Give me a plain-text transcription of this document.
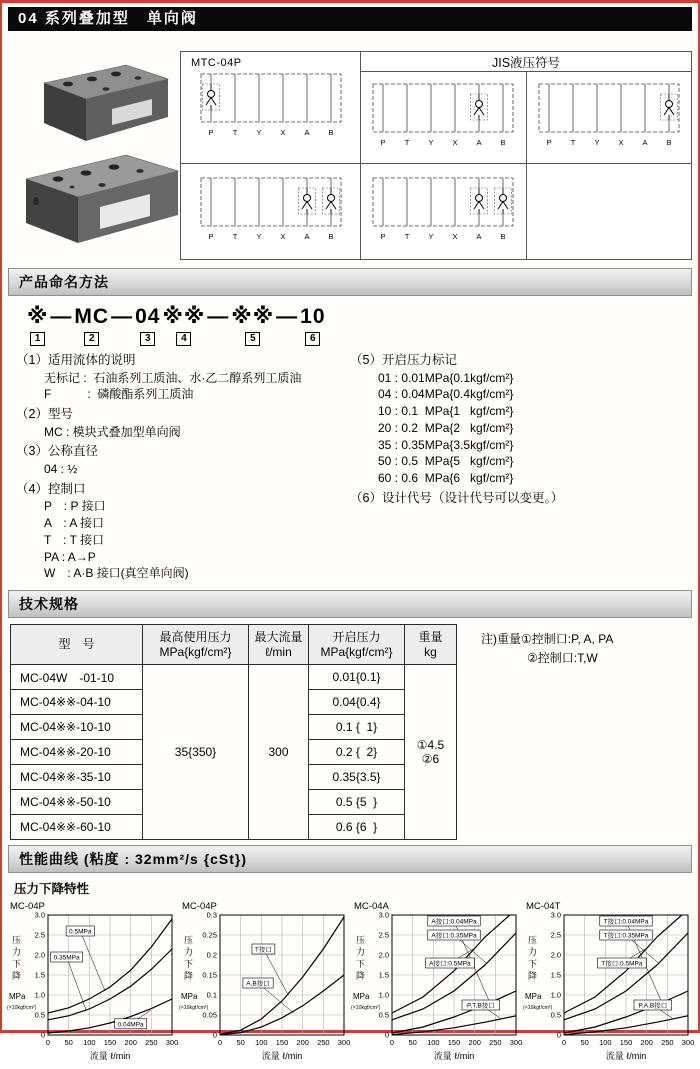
04 系列叠加型　单向阀
MTC-04P
P	T	Y	X	A	B
	JIS液压符号

P	T	Y	X	A	B	P	T	Y	X	A	B

P	T	Y	X	A	B	P	T	Y	X	A	B

产品命名方法
※
1
— MC
2
— 04
3
※※
4
— ※※
5
— 10
6
（1）适用流体的说明
无标记 :  石油系列工质油、水·乙二醇系列工质油
F　　　:  磷酸酯系列工质油
（2）型号
MC : 模块式叠加型单向阀
（3）公称直径
04 : ½
（4）控制口
P　: P 接口
A　: A 接口
T　: T 接口
PA : A→P
W　: A·B 接口(真空单向阀)
（5）开启压力标记
01 : 0.01MPa{0.1kgf/cm²}
04 : 0.04MPa{0.4kgf/cm²}
10 : 0.1  MPa{1   kgf/cm²}
20 : 0.2  MPa{2   kgf/cm²}
35 : 0.35MPa{3.5kgf/cm²}
50 : 0.5  MPa{5   kgf/cm²}
60 : 0.6  MPa{6   kgf/cm²}
（6）设计代号（设计代号可以变更。）
技术规格
型　号

最高使用压力
MPa{kgf/cm²}

最大流量
ℓ/min

开启压力
MPa{kgf/cm²}

重量
kg

MC-04W　-01-10	35{350}	300	0.01{0.1}	①4.5
②6

MC-04※※-04-10			0.04{0.4}	
MC-04※※-10-10			0.1 {  1}	
MC-04※※-20-10			0.2 {  2}	
MC-04※※-35-10			0.35{3.5}	
MC-04※※-50-10			0.5 {5  }	
MC-04※※-60-10			0.6 {6  }	
注)重量①控制口:P, A, PA
②控制口:T,W
性能曲线 (粘度 : 32mm²/s {cSt})
压力下降特性
MC-04P
0 50 100 150 200 250 300
0
0.5
1.0
1.5
2.0
2.5
3.0
压
力
下
降
MPa
(×10kgf/cm²)
流量 ℓ/min
0.5MPa
0.35MPa
0.04MPa
MC-04P
0 50 100 150 200 250 300
0
0.05
0.1
0.15
0.2
0.25
0.3
压
力
下
降
MPa
(×10kgf/cm²)
流量 ℓ/min
T接口
A,B接口
MC-04A
0 50 100 150 200 250 300
0
0.5
1.0
1.5
2.0
2.5
3.0
压
力
下
降
MPa
(×10kgf/cm²)
流量 ℓ/min
A接口:0.04MPa
A接口:0.35MPa
A接口:0.5MPa
P,T,B接口
MC-04T
0 50 100 150 200 250 300
0
0.5
1.0
1.5
2.0
2.5
3.0
压
力
下
降
MPa
(×10kgf/cm²)
流量 ℓ/min
T接口:0.04MPa
T接口:0.35MPa
T接口:0.5MPa
P,A,B接口
